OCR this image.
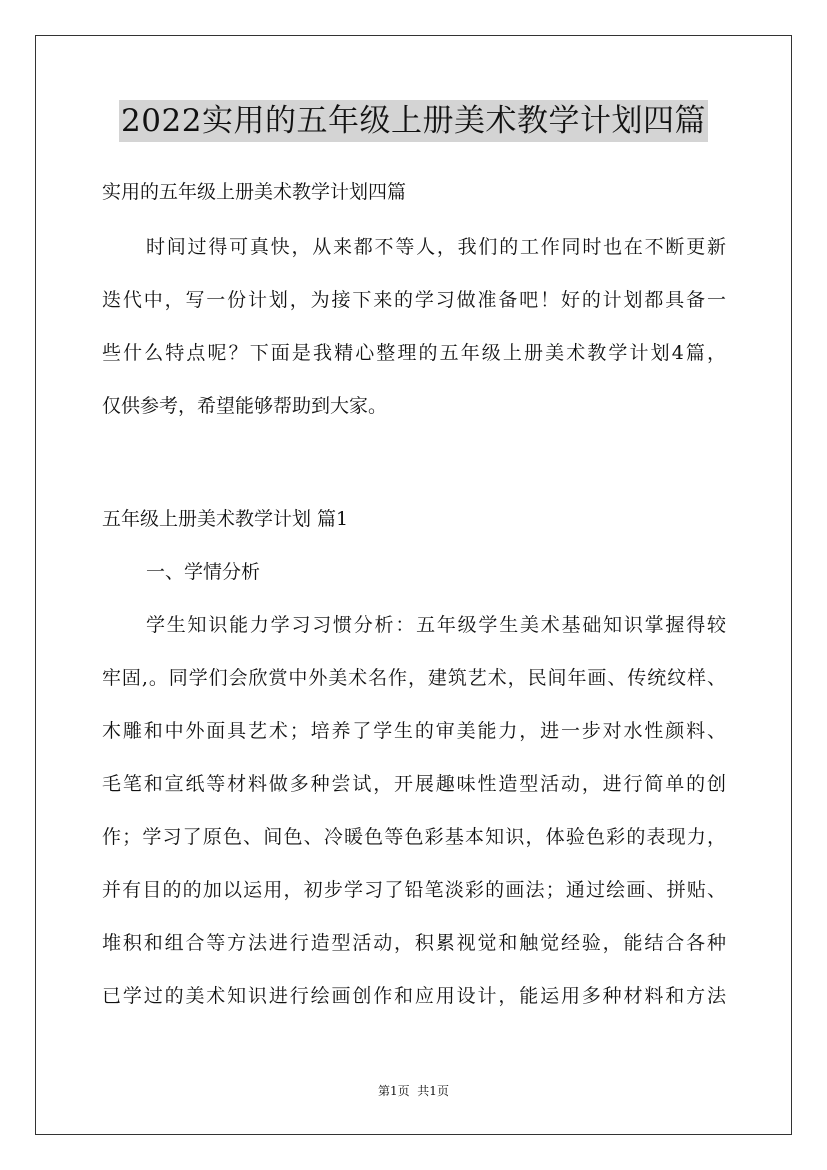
2022实用的五年级上册美术教学计划四篇
实用的五年级上册美术教学计划四篇
时间过得可真快，从来都不等人，我们的工作同时也在不断更新
迭代中，写一份计划，为接下来的学习做准备吧！好的计划都具备一
些什么特点呢？下面是我精心整理的五年级上册美术教学计划4篇，
仅供参考，希望能够帮助到大家。
五年级上册美术教学计划 篇1
一、学情分析
学生知识能力学习习惯分析：五年级学生美术基础知识掌握得较
牢固,。同学们会欣赏中外美术名作，建筑艺术，民间年画、传统纹样、
木雕和中外面具艺术；培养了学生的审美能力，进一步对水性颜料、
毛笔和宣纸等材料做多种尝试，开展趣味性造型活动，进行简单的创
作；学习了原色、间色、冷暖色等色彩基本知识，体验色彩的表现力，
并有目的的加以运用，初步学习了铅笔淡彩的画法；通过绘画、拼贴、
堆积和组合等方法进行造型活动，积累视觉和触觉经验，能结合各种
已学过的美术知识进行绘画创作和应用设计，能运用多种材料和方法
第1页  共1页
